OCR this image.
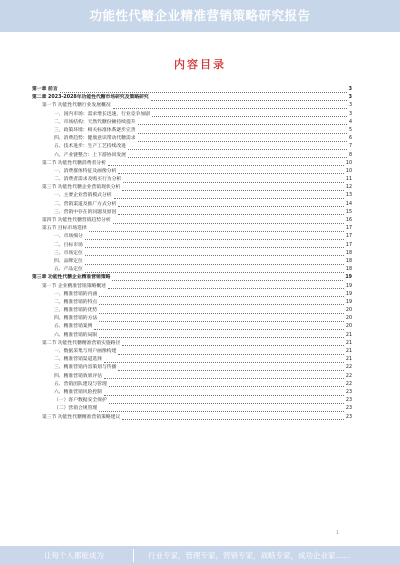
功能性代糖企业精准营销策略研究报告
内容目录
第一章 前言	3
第二章 2023-2028年功能性代糖市场研究及策略研究	3
第一节 功能性代糖行业发展概况	3
一、国内市场：需求增长迅速，行业竞争加剧	3
二、市场结构：天然代糖份额持续提升	4
三、政策环境：相关标准体系逐步完善	5
四、消费趋势：健康意识带动代糖需求	6
五、技术进步：生产工艺持续改进	7
六、产业链整合：上下游协同发展	8
第二节 功能性代糖消费者分析	10
一、消费群体特征及画像分析	10
二、消费者需求及购买行为分析	11
第三节 功能性代糖企业营销现状分析	12
一、主要企业营销模式分析	13
二、营销渠道及推广方式分析	14
三、营销中存在的问题及原因	15
第四节 功能性代糖营销趋势分析	16
第五节 目标市场选择	17
一、市场细分	17
二、目标市场	17
三、市场定位	18
四、品牌定位	18
五、产品定位	18
第三章 功能性代糖企业精准营销策略	19
第一节 企业精准营销策略概述	19
一、精准营销的内涵	19
二、精准营销的特点	19
三、精准营销的优势	20
四、精准营销的方法	20
五、精准营销案例	20
六、精准营销的局限	21
第二节 功能性代糖精准营销实施路径	21
一、数据采集与用户画像构建	21
二、精准营销渠道选择	21
三、精准营销内容策划与传播	22
四、精准营销效果评估	22
五、营销团队建设与管理	22
六、精准营销风险控制	23
（一）客户数据安全保护	23
（二）营销合规管理	23
第三节 功能性代糖精准营销策略建议	23
1
让每个人都能成为	行业专家，管理专家，营销专家，战略专家，成功企业家……
